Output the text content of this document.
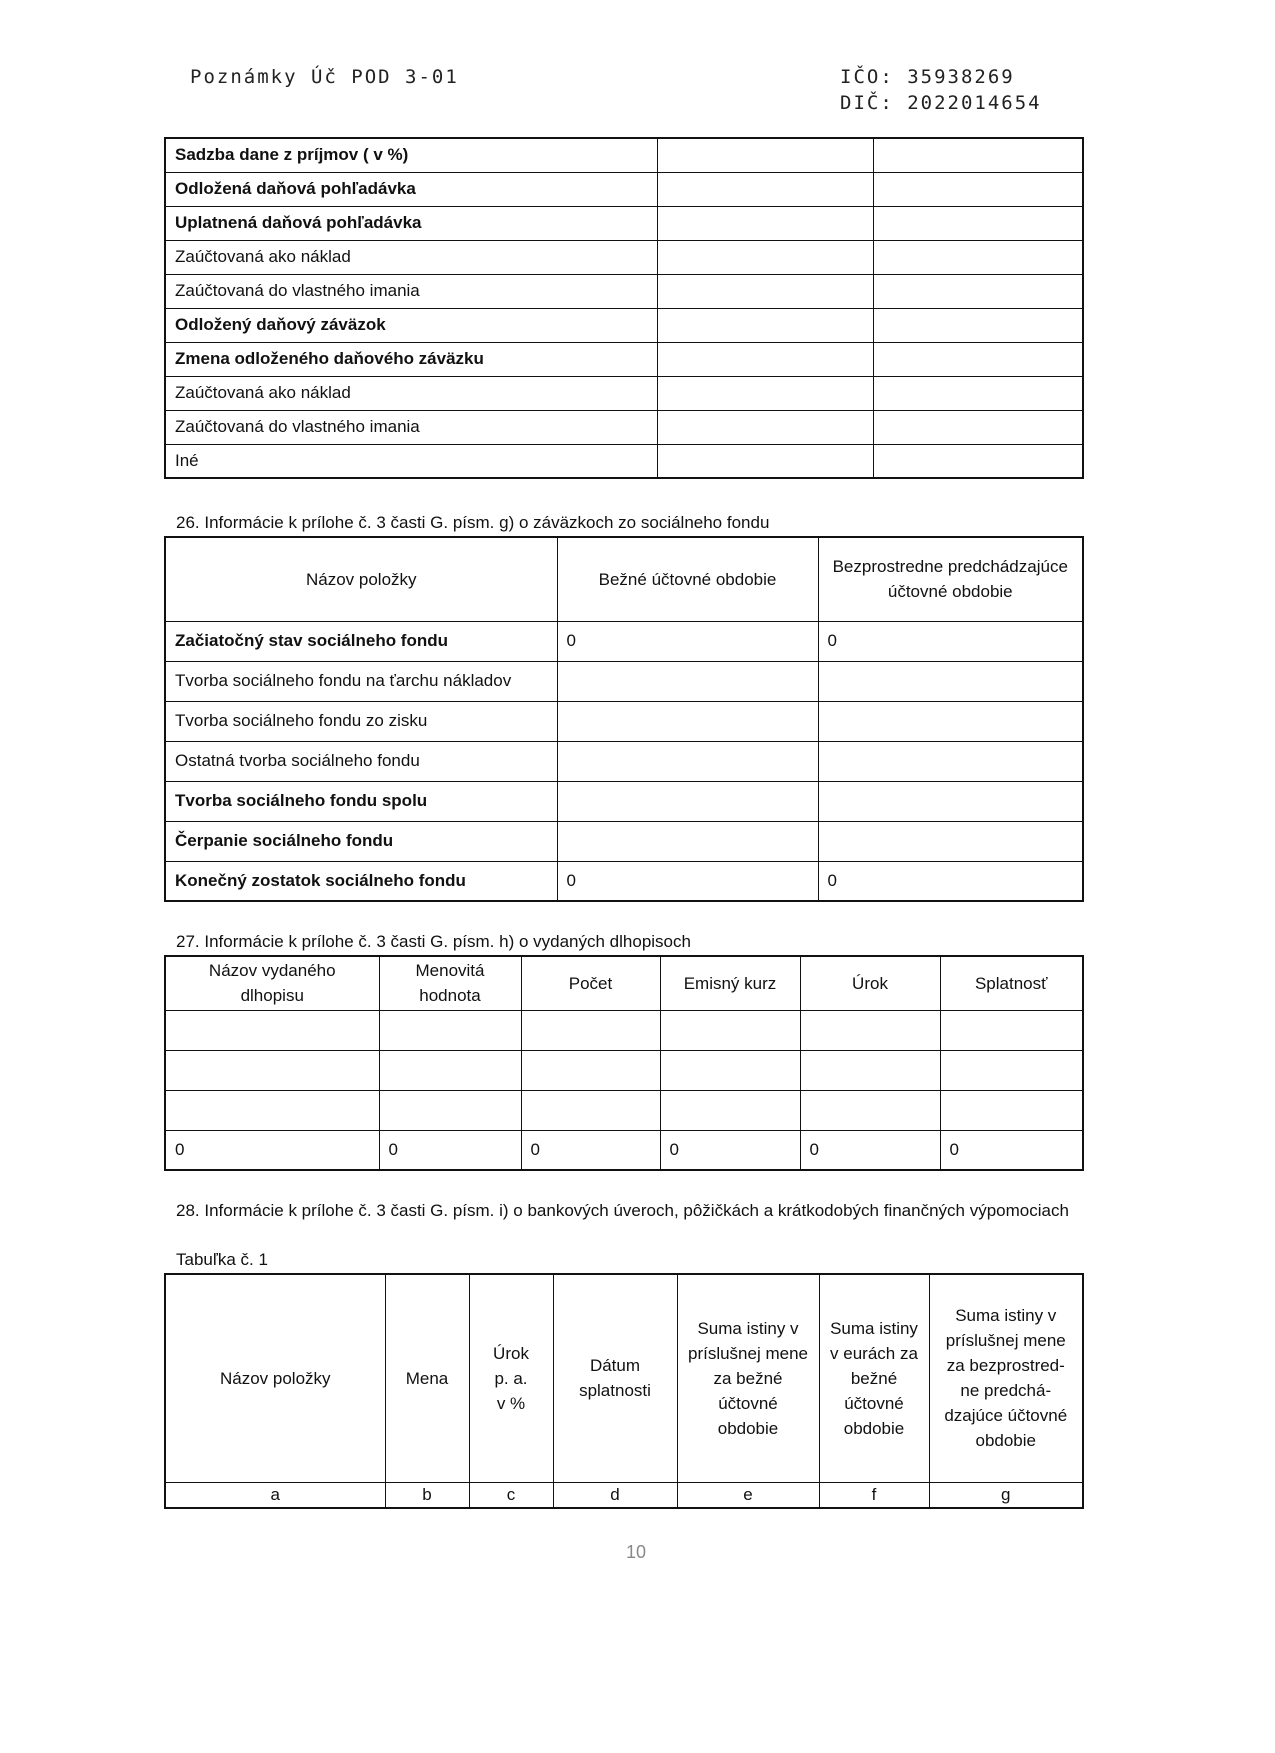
Poznámky Úč POD 3-01	IČO: 35938269
DIČ: 2022014654
Sadzba dane z príjmov ( v %)		
Odložená daňová pohľadávka		
Uplatnená daňová pohľadávka		
Zaúčtovaná ako náklad		
Zaúčtovaná do vlastného imania		
Odložený daňový záväzok		
Zmena odloženého daňového záväzku		
Zaúčtovaná ako náklad		
Zaúčtovaná do vlastného imania		
Iné		
26. Informácie k prílohe č. 3 časti G. písm. g) o záväzkoch zo sociálneho fondu
Názov položky	Bežné účtovné obdobie	Bezprostredne predchádzajúce účtovné obdobie
Začiatočný stav sociálneho fondu	0	0
Tvorba sociálneho fondu na ťarchu nákladov		
Tvorba sociálneho fondu zo zisku		
Ostatná tvorba sociálneho fondu		
Tvorba sociálneho fondu spolu		
Čerpanie sociálneho fondu		
Konečný zostatok sociálneho fondu	0	0
27. Informácie k prílohe č. 3 časti G. písm. h) o vydaných dlhopisoch
Názov vydaného dlhopisu	Menovitá hodnota	Počet	Emisný kurz	Úrok	Splatnosť

0	0	0	0	0	0
28. Informácie k prílohe č. 3 časti G. písm. i) o bankových úveroch, pôžičkách a krátkodobých finančných výpomociach
Tabuľka č. 1
Názov položky	Mena	Úrok p. a. v %	Dátum splatnosti	Suma istiny v príslušnej mene za bežné účtovné obdobie	Suma istiny v eurách za bežné účtovné obdobie	Suma istiny v príslušnej mene za bezprostred-ne predchá-dzajúce účtovné obdobie
a	b	c	d	e	f	g
10
